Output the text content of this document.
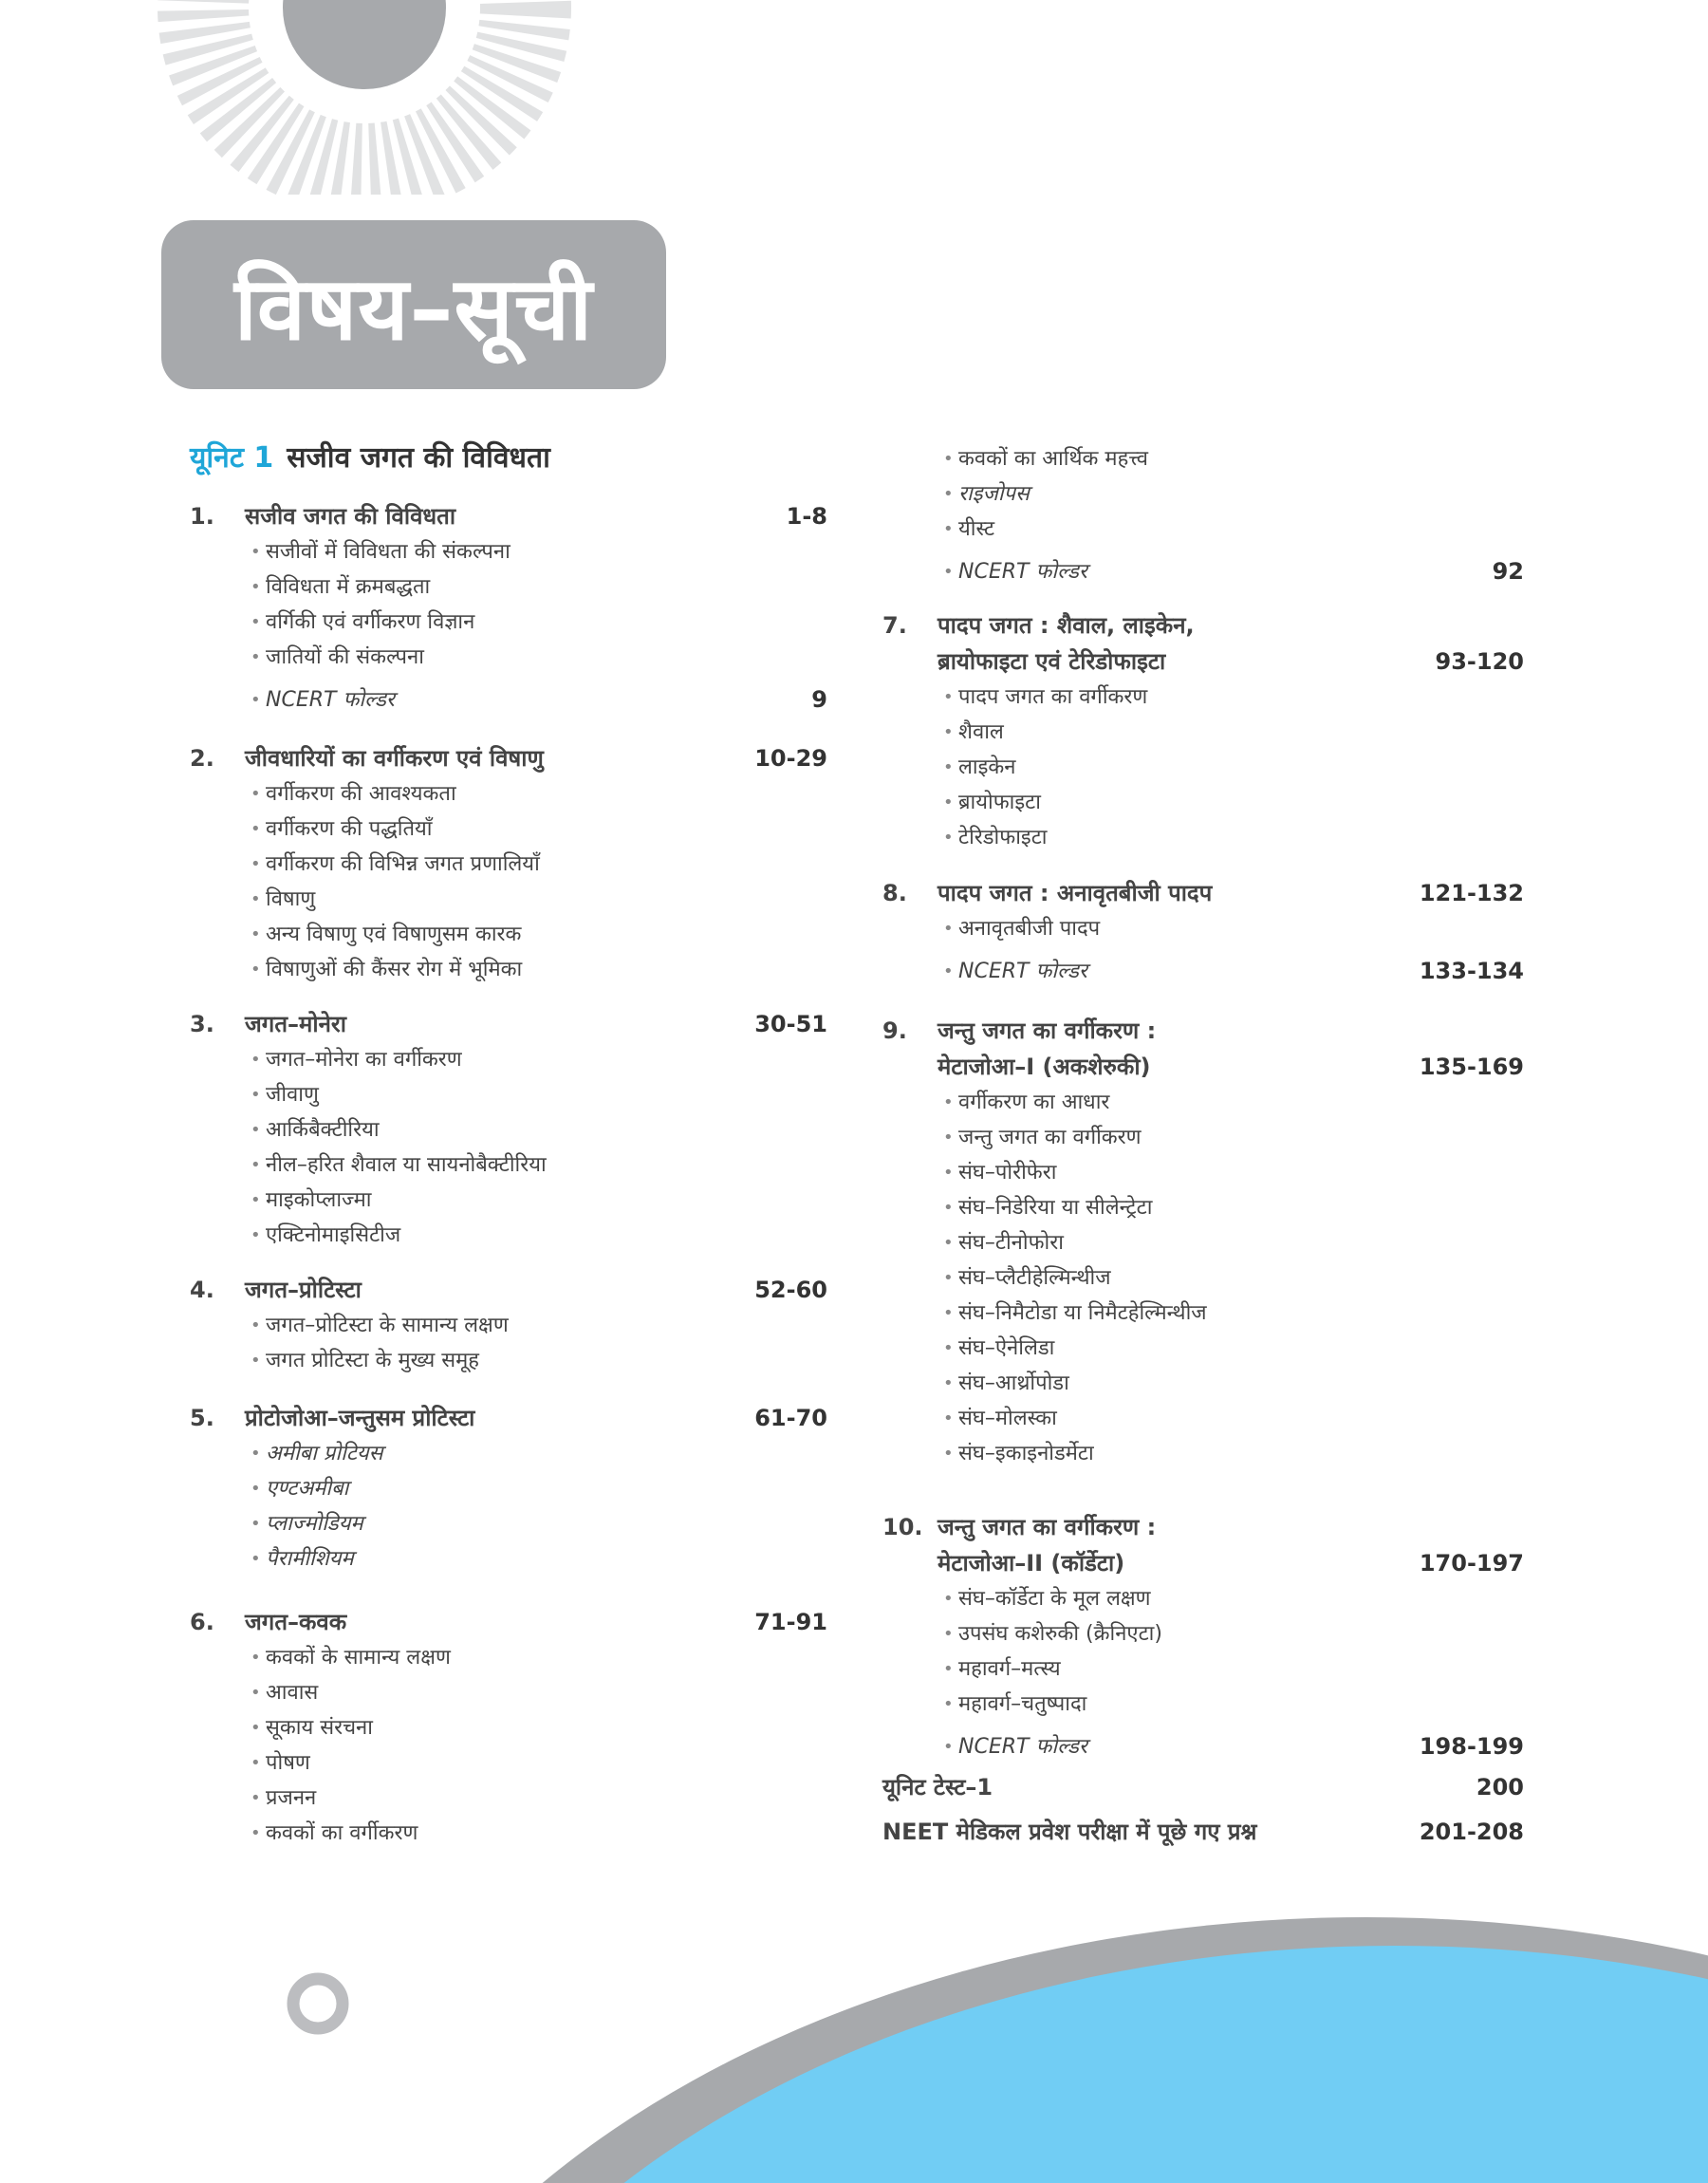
विषय–सूची
यूनिट 1 सजीव जगत की विविधता
1. सजीव जगत की विविधता	1-8
• सजीवों में विविधता की संकल्पना
• विविधता में क्रमबद्धता
• वर्गिकी एवं वर्गीकरण विज्ञान
• जातियों की संकल्पना
• NCERT फोल्डर	9
2. जीवधारियों का वर्गीकरण एवं विषाणु	10-29
• वर्गीकरण की आवश्यकता
• वर्गीकरण की पद्धतियाँ
• वर्गीकरण की विभिन्न जगत प्रणालियाँ
• विषाणु
• अन्य विषाणु एवं विषाणुसम कारक
• विषाणुओं की कैंसर रोग में भूमिका
3. जगत–मोनेरा	30-51
• जगत–मोनेरा का वर्गीकरण
• जीवाणु
• आर्किबैक्टीरिया
• नील–हरित शैवाल या सायनोबैक्टीरिया
• माइकोप्लाज्मा
• एक्टिनोमाइसिटीज
4. जगत–प्रोटिस्टा	52-60
• जगत–प्रोटिस्टा के सामान्य लक्षण
• जगत प्रोटिस्टा के मुख्य समूह
5. प्रोटोजोआ–जन्तुसम प्रोटिस्टा	61-70
• अमीबा प्रोटियस
• एण्टअमीबा
• प्लाज्मोडियम
• पैरामीशियम
6. जगत–कवक	71-91
• कवकों के सामान्य लक्षण
• आवास
• सूकाय संरचना
• पोषण
• प्रजनन
• कवकों का वर्गीकरण
• कवकों का आर्थिक महत्त्व
• राइजोपस
• यीस्ट
• NCERT फोल्डर	92
7. पादप जगत : शैवाल, लाइकेन,
ब्रायोफाइटा एवं टेरिडोफाइटा	93-120
• पादप जगत का वर्गीकरण
• शैवाल
• लाइकेन
• ब्रायोफाइटा
• टेरिडोफाइटा
8. पादप जगत : अनावृतबीजी पादप	121-132
• अनावृतबीजी पादप
• NCERT फोल्डर	133-134
9. जन्तु जगत का वर्गीकरण :
मेटाजोआ–I (अकशेरुकी)	135-169
• वर्गीकरण का आधार
• जन्तु जगत का वर्गीकरण
• संघ–पोरीफेरा
• संघ–निडेरिया या सीलेन्ट्रेटा
• संघ–टीनोफोरा
• संघ–प्लैटीहेल्मिन्थीज
• संघ–निमैटोडा या निमैटहेल्मिन्थीज
• संघ–ऐनेलिडा
• संघ–आर्थ्रोपोडा
• संघ–मोलस्का
• संघ–इकाइनोडर्मेटा
10. जन्तु जगत का वर्गीकरण :
मेटाजोआ–II (कॉर्डेटा)	170-197
• संघ–कॉर्डेटा के मूल लक्षण
• उपसंघ कशेरुकी (क्रैनिएटा)
• महावर्ग–मत्स्य
• महावर्ग–चतुष्पादा
• NCERT फोल्डर	198-199
यूनिट टेस्ट–1	200
NEET मेडिकल प्रवेश परीक्षा में पूछे गए प्रश्न	201-208
